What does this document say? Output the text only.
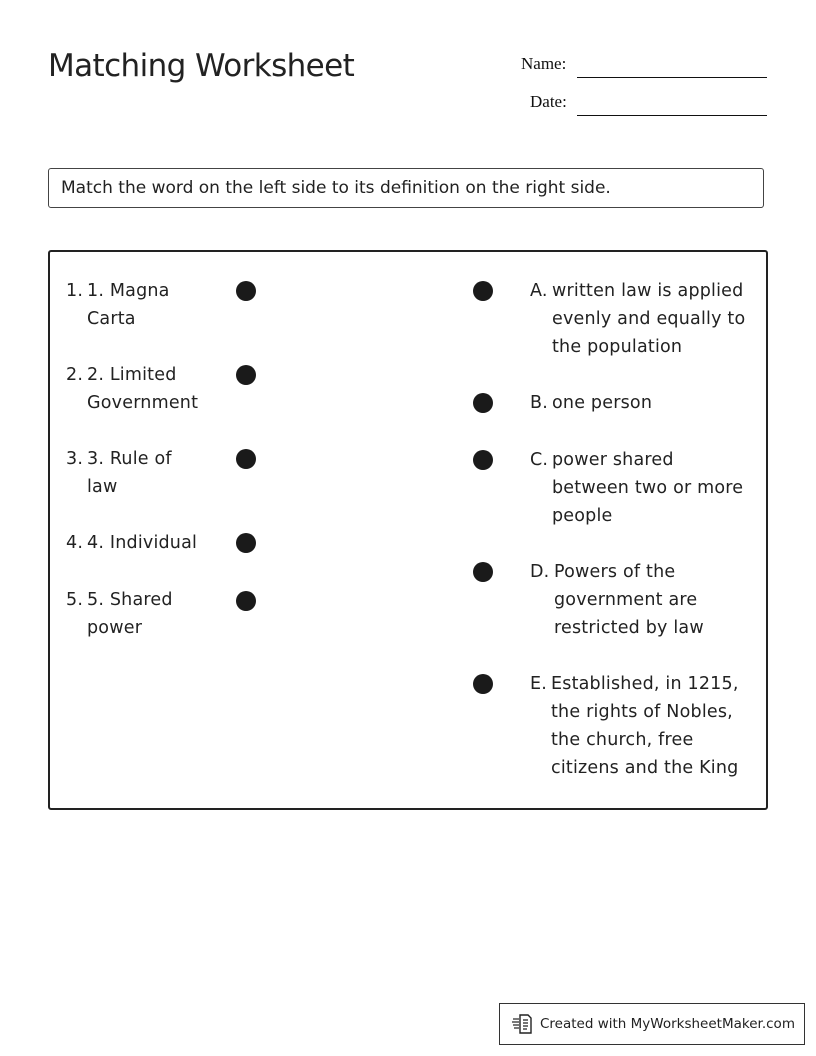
Matching Worksheet	Name:
Date:
Match the word on the left side to its definition on the right side.
1. 1. Magna
Carta
2. 2. Limited
Government
3. 3. Rule of
law
4. 4. Individual
5. 5. Shared
power
A. written law is applied
evenly and equally to
the population
B. one person
C. power shared
between two or more
people
D. Powers of the
government are
restricted by law
E. Established, in 1215,
the rights of Nobles,
the church, free
citizens and the King
Created with MyWorksheetMaker.com
